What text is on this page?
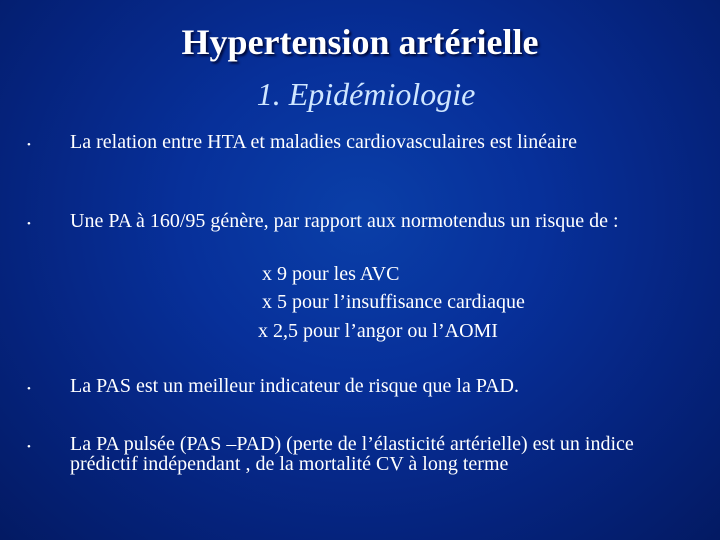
Hypertension artérielle
1. Epidémiologie
• La relation entre HTA et maladies cardiovasculaires est linéaire
• Une PA à 160/95 génère, par rapport aux normotendus un risque de :
x 9 pour les AVC
x 5 pour l’insuffisance cardiaque
x 2,5 pour l’angor ou l’AOMI
• La PAS est un meilleur indicateur de risque que la PAD.
• La PA pulsée (PAS –PAD) (perte de l’élasticité artérielle) est un indice prédictif indépendant , de la mortalité CV à long terme
